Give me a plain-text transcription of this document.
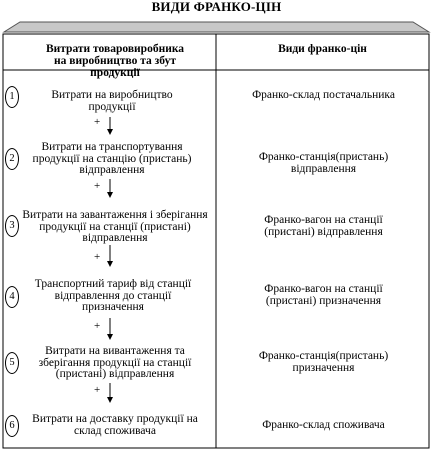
ВИДИ ФРАНКО-ЦІН
Витрати товаровиробника на виробництво та збут продукції
Види франко-цін
1	Витрати на виробництво продукції
Франко-склад постачальника
+
2
Витрати на транспортування продукції на станцію (пристань) відправлення
Франко-станція(пристань) відправлення
+
3
Витрати на завантаження і зберігання продукції на станції (пристані) відправлення
Франко-вагон на станції (пристані) відправлення
+
4
Транспортний тариф від станції відправлення до станції призначення
Франко-вагон на станції (пристані) призначення
+
5
Витрати на вивантаження та зберігання продукції на станції (пристані) відправлення
Франко-станція(пристань) призначення
+
6
Витрати на доставку продукції на склад споживача	Франко-склад споживача
